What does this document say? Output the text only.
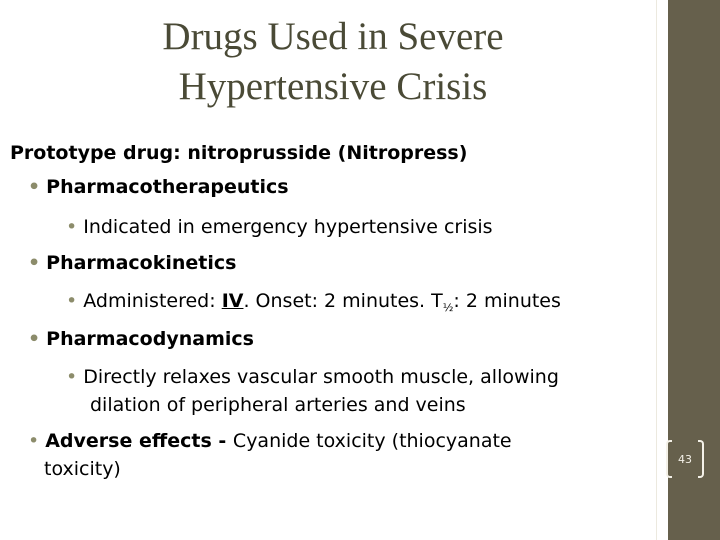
Drugs Used in Severe
Hypertensive Crisis
Prototype drug: nitroprusside (Nitropress)
• Pharmacotherapeutics
• Indicated in emergency hypertensive crisis
• Pharmacokinetics
• Administered: IV. Onset: 2 minutes. $T_{\frac{1}{2}}$: 2 minutes
• Pharmacodynamics
• Directly relaxes vascular smooth muscle, allowing
dilation of peripheral arteries and veins
• Adverse effects - Cyanide toxicity (thiocyanate
toxicity)	43
